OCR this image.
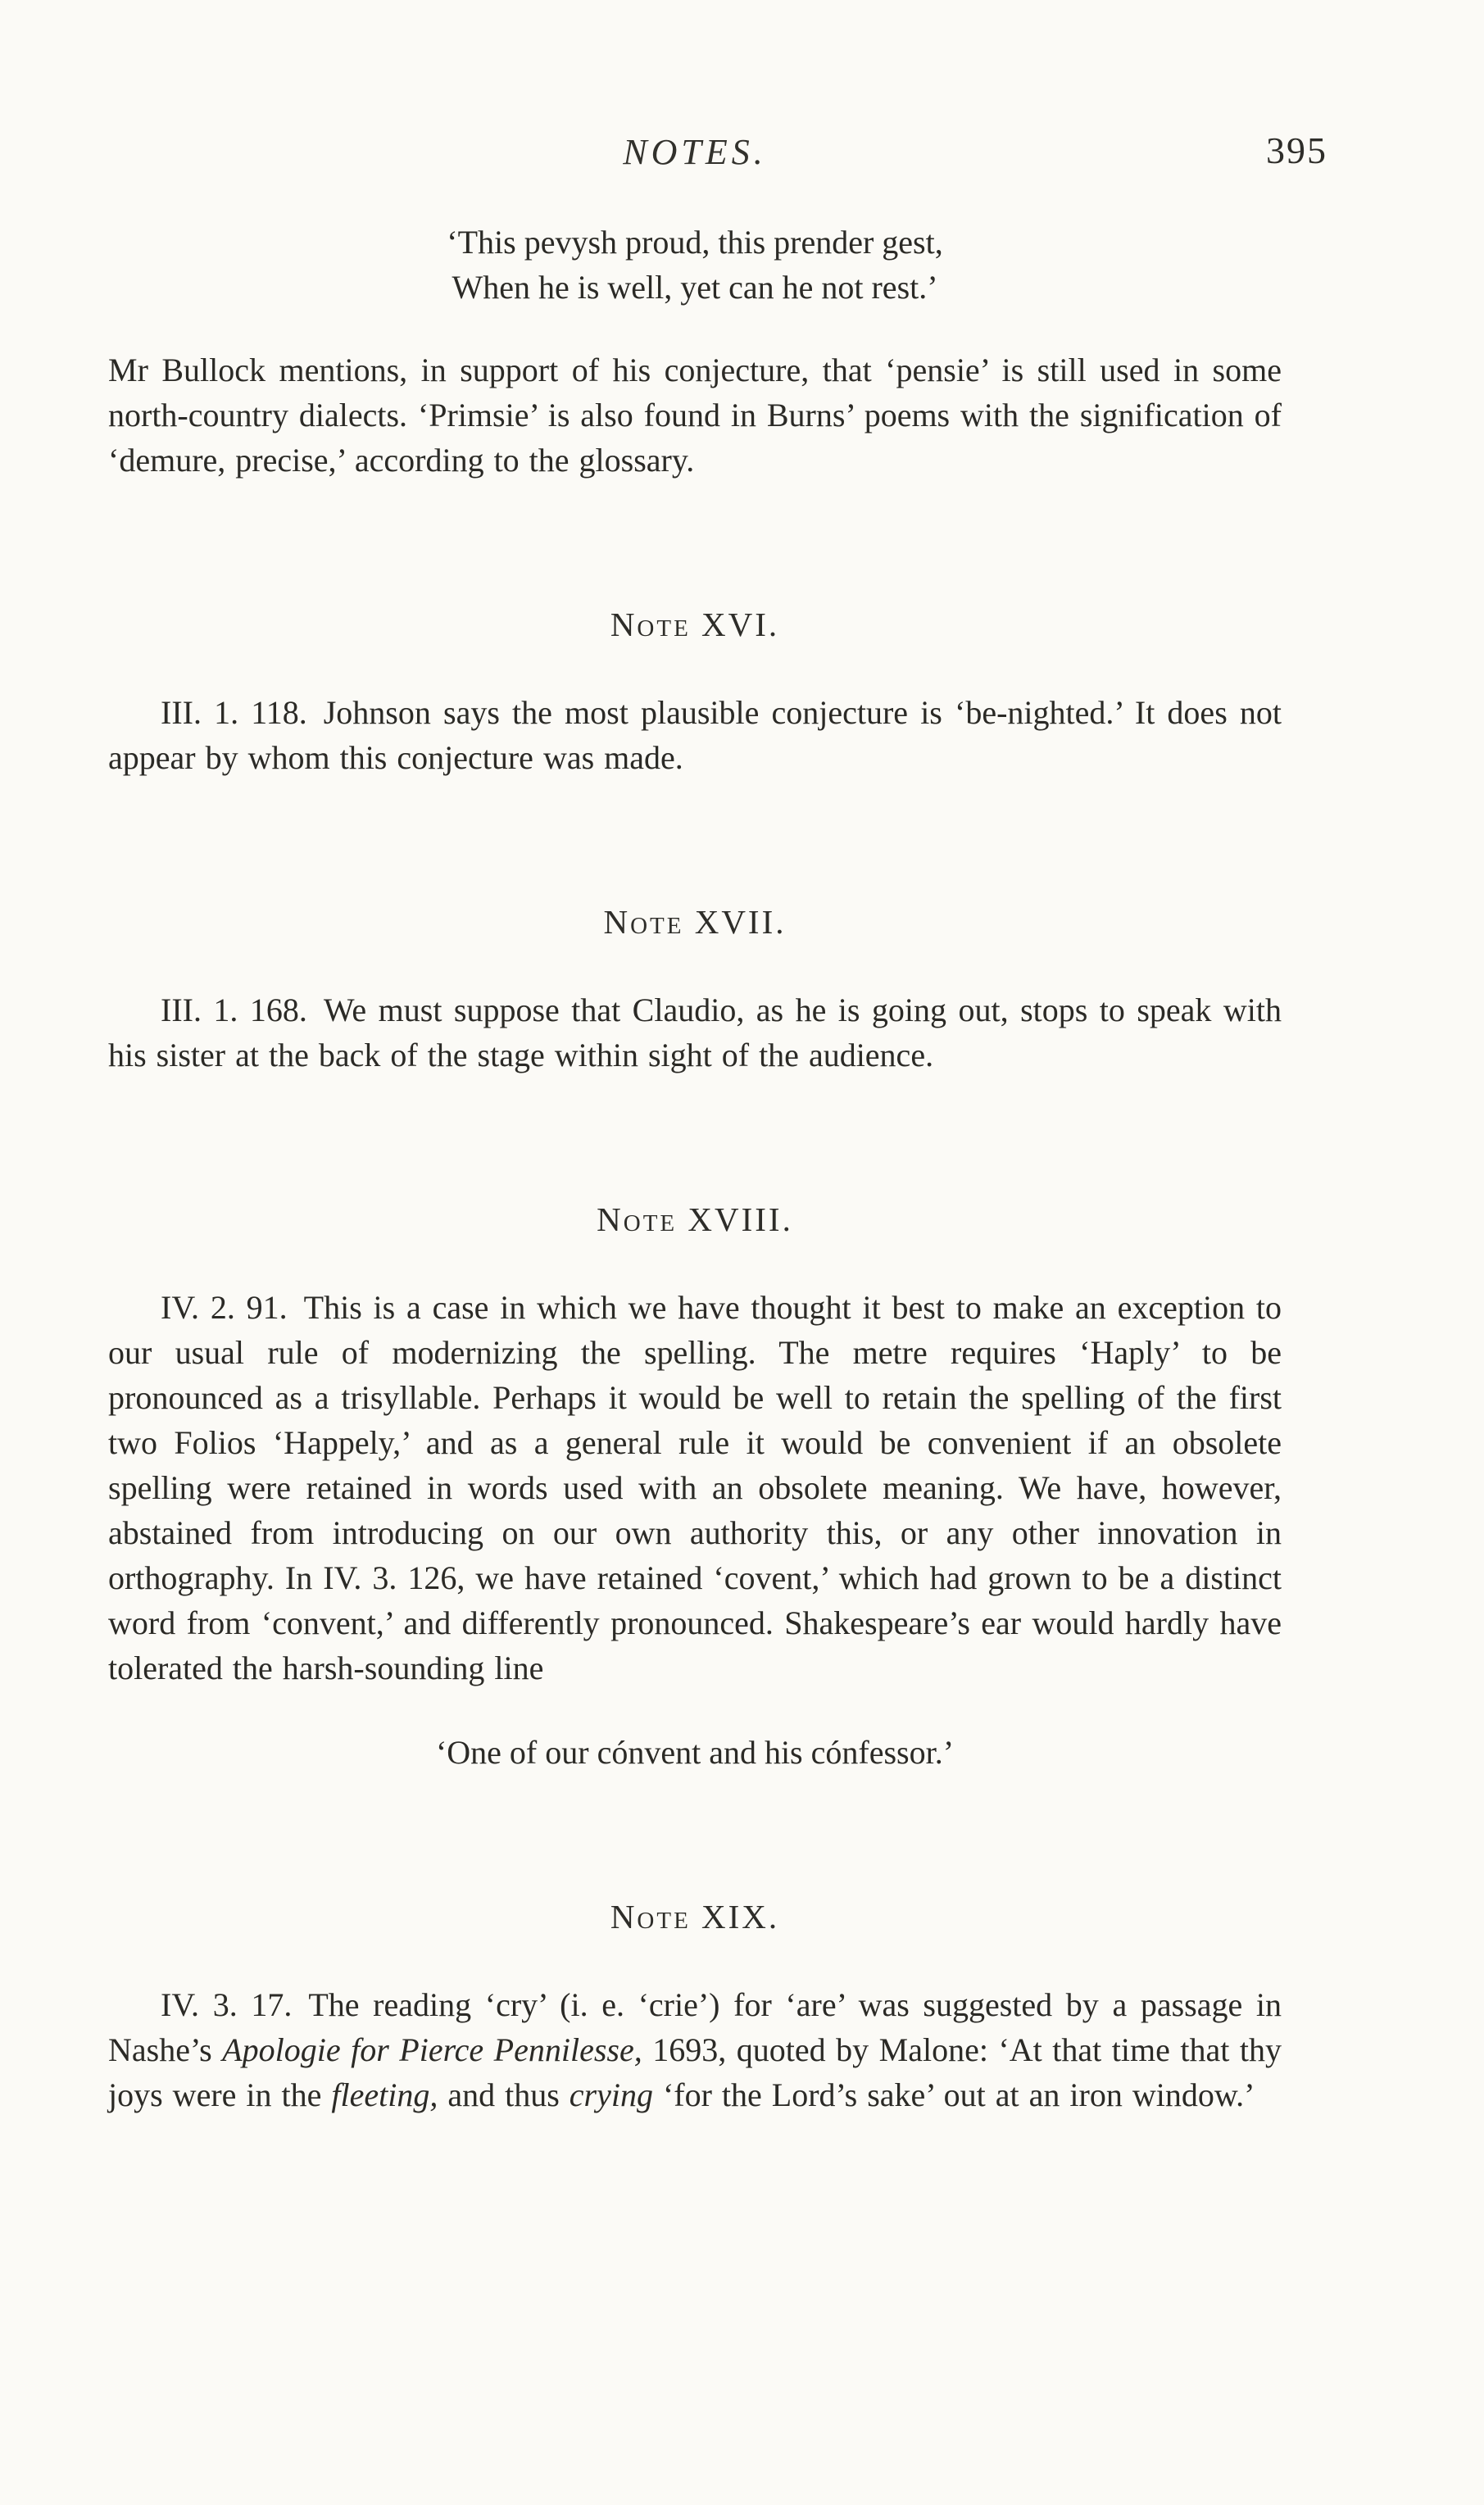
NOTES.	395
‘This pevysh proud, this prender gest,
When he is well, yet can he not rest.’

Mr Bullock mentions, in support of his conjecture, that ‘pensie’ is still used in some north-country dialects. ‘Primsie’ is also found in Burns’ poems with the signification of ‘demure, precise,’ according to the glossary.

Note XVI.

III. 1. 118. Johnson says the most plausible conjecture is ‘be-nighted.’ It does not appear by whom this conjecture was made.

Note XVII.

III. 1. 168. We must suppose that Claudio, as he is going out, stops to speak with his sister at the back of the stage within sight of the audience.

Note XVIII.

IV. 2. 91. This is a case in which we have thought it best to make an exception to our usual rule of modernizing the spelling. The metre requires ‘Haply’ to be pronounced as a trisyllable. Perhaps it would be well to retain the spelling of the first two Folios ‘Happely,’ and as a general rule it would be convenient if an obsolete spelling were retained in words used with an obsolete meaning. We have, however, abstained from introducing on our own authority this, or any other innovation in orthography. In IV. 3. 126, we have retained ‘covent,’ which had grown to be a distinct word from ‘convent,’ and differently pronounced. Shakespeare’s ear would hardly have tolerated the harsh-sounding line

‘One of our cónvent and his cónfessor.’
Note XIX.

IV. 3. 17. The reading ‘cry’ (i. e. ‘crie’) for ‘are’ was suggested by a passage in Nashe’s Apologie for Pierce Pennilesse, 1693, quoted by Malone: ‘At that time that thy joys were in the fleeting, and thus crying ‘for the Lord’s sake’ out at an iron window.’
